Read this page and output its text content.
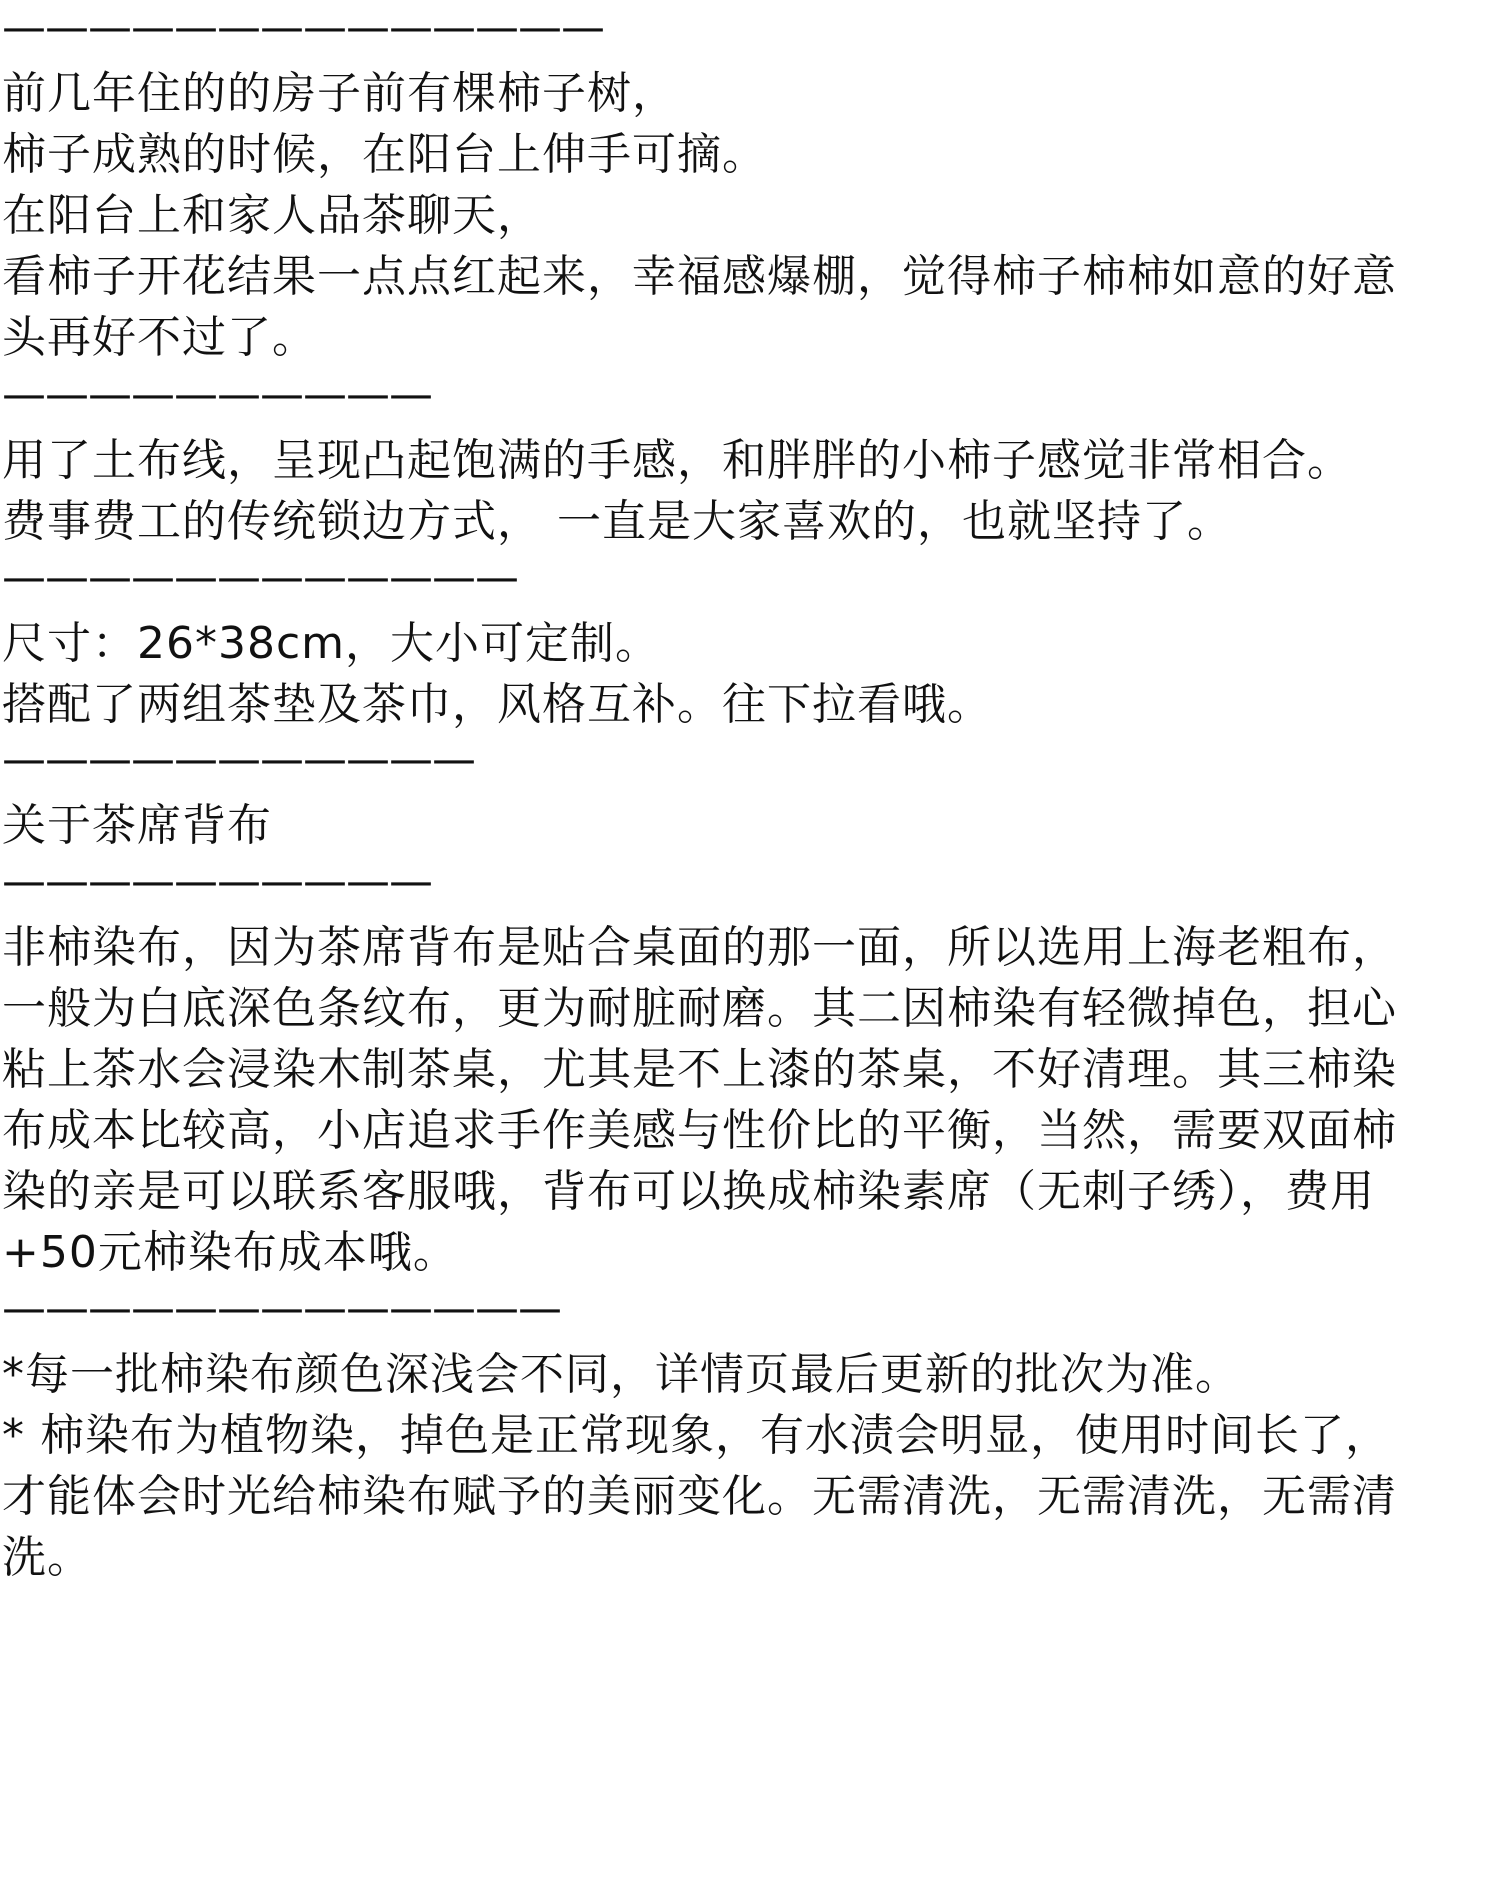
——————————————
前几年住的的房子前有棵柿子树，
柿子成熟的时候，在阳台上伸手可摘。
在阳台上和家人品茶聊天，
看柿子开花结果一点点红起来，幸福感爆棚，觉得柿子柿柿如意的好意
头再好不过了。
——————————
用了土布线，呈现凸起饱满的手感，和胖胖的小柿子感觉非常相合。
费事费工的传统锁边方式， 一直是大家喜欢的，也就坚持了。
————————————
尺寸：26*38cm，大小可定制。
搭配了两组茶垫及茶巾，风格互补。往下拉看哦。
———————————
关于茶席背布
——————————
非柿染布，因为茶席背布是贴合桌面的那一面，所以选用上海老粗布，
一般为白底深色条纹布，更为耐脏耐磨。其二因柿染有轻微掉色，担心
粘上茶水会浸染木制茶桌，尤其是不上漆的茶桌，不好清理。其三柿染
布成本比较高，小店追求手作美感与性价比的平衡，当然，需要双面柿
染的亲是可以联系客服哦，背布可以换成柿染素席（无刺子绣），费用
+50元柿染布成本哦。
—————————————
*每一批柿染布颜色深浅会不同，详情页最后更新的批次为准。
* 柿染布为植物染，掉色是正常现象，有水渍会明显，使用时间长了，
才能体会时光给柿染布赋予的美丽变化。无需清洗，无需清洗，无需清
洗。
